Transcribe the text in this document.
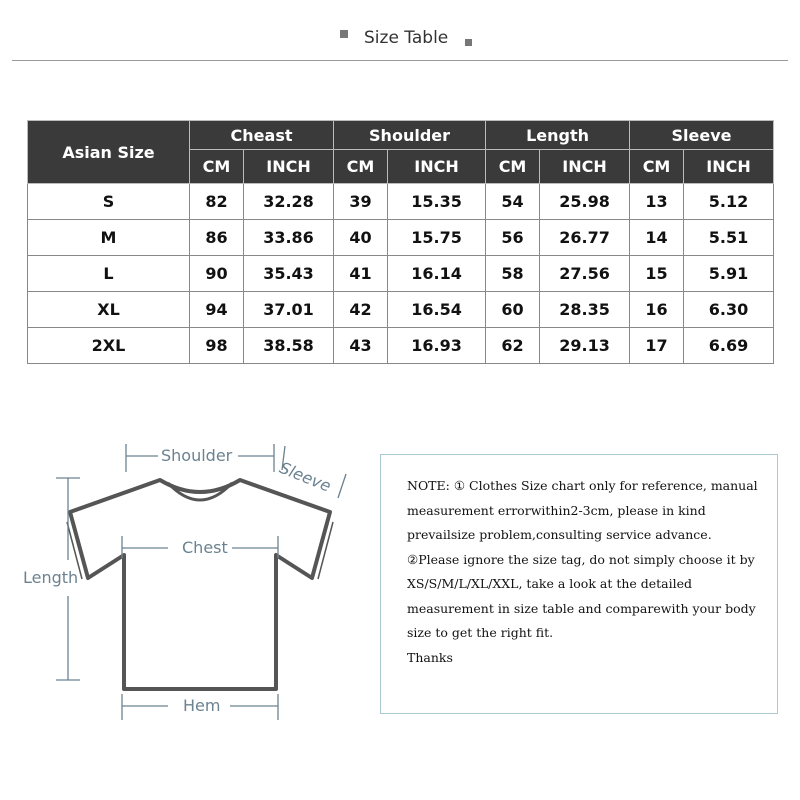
Size Table
Asian Size	Cheast		Shoulder		Length		Sleeve	
	CM	INCH	CM	INCH	CM	INCH	CM	INCH
S	82	32.28	39	15.35	54	25.98	13	5.12
M	86	33.86	40	15.75	56	26.77	14	5.51
L	90	35.43	41	16.14	58	27.56	15	5.91
XL	94	37.01	42	16.54	60	28.35	16	6.30
2XL	98	38.58	43	16.93	62	29.13	17	6.69
Shoulder
Sleeve
Chest
Length
Hem

NOTE: ① Clothes Size chart only for reference, manual measurement errorwithin2-3cm, please in kind prevailsize problem,consulting service advance.

②Please ignore the size tag, do not simply choose it by XS/S/M/L/XL/XXL, take a look at the detailed measurement in size table and comparewith your body size to get the right fit.

Thanks
